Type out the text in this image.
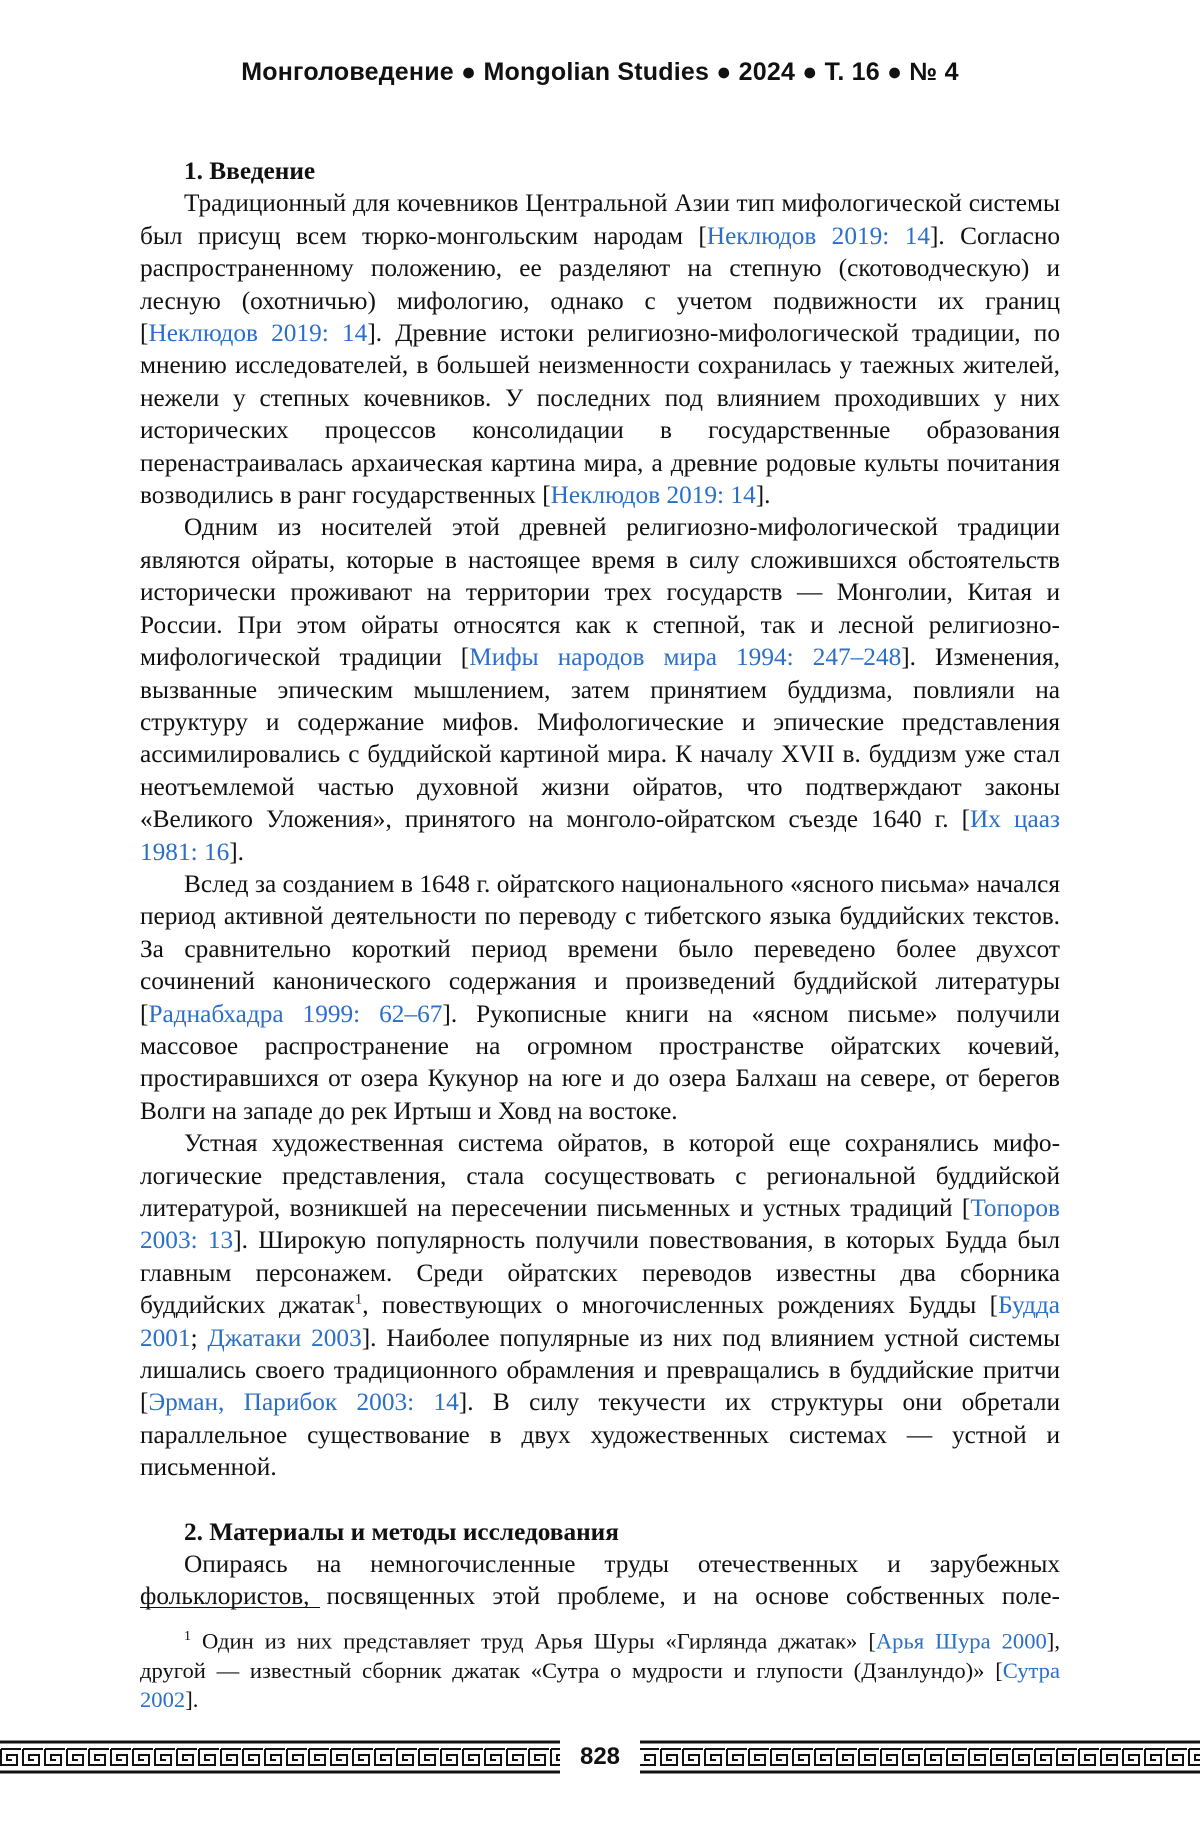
Монголоведение ● Mongolian Studies ● 2024 ● Т. 16 ● № 4
1. Введение

Традиционный для кочевников Центральной Азии тип мифологической системы был присущ всем тюрко-монгольским народам [Неклюдов 2019: 14]. Согласно распространенному положению, ее разделяют на степную (ското­водческую) и лесную (охотничью) мифологию, однако с учетом подвижности их границ [Неклюдов 2019: 14]. Древние истоки религиозно-мифологической традиции, по мнению исследователей, в большей неизменности сохранилась у таежных жителей, нежели у степных кочевников. У последних под влиянием проходивших у них исторических процессов консолидации в государственные образования перенастраивалась архаическая картина мира, а древние родовые культы почитания возводились в ранг государственных [Неклюдов 2019: 14].

Одним из носителей этой древней религиозно-мифологической традиции являются ойраты, которые в настоящее время в силу сложившихся обстоятельств исторически проживают на территории трех государств — Монголии, Китая и России. При этом ойраты относятся как к степной, так и лесной религиоз­но-мифологической традиции [Мифы народов мира 1994: 247–248]. Изменения, вызванные эпическим мышлением, затем принятием буддизма, повлияли на структуру и содержание мифов. Мифологические и эпические представления ассимилировались с буддийской картиной мира. К началу XVII в. буддизм уже стал неотъемлемой частью духовной жизни ойратов, что подтверждают законы «Великого Уложения», принятого на монголо-ойратском съезде 1640 г. [Их цааз 1981: 16].

Вслед за созданием в 1648 г. ойратского национального «ясного письма» начался период активной деятельности по переводу с тибетского языка буд­дийских текстов. За сравнительно короткий период времени было переведено более двухсот сочинений канонического содержания и произведений буддийской литературы [Раднабхадра 1999: 62–67]. Рукописные книги на «ясном письме» получили массовое распространение на огромном пространстве ойратских ко­чевий, простиравшихся от озера Кукунор на юге и до озера Балхаш на севере, от берегов Волги на западе до рек Иртыш и Ховд на востоке.

Устная художественная система ойратов, в которой еще сохранялись мифо­логические представления, стала сосуществовать с региональной буддийской литературой, возникшей на пересечении письменных и устных традиций [То­поров 2003: 13]. Широкую популярность получили повествования, в которых Будда был главным персонажем. Среди ойратских переводов известны два сборника буддийских джатак1, повествующих о многочисленных рождениях Будды [Будда 2001; Джатаки 2003]. Наиболее популярные из них под влиянием устной системы лишались своего традиционного обрамления и превращались в буддийские притчи [Эрман, Парибок 2003: 14]. В силу текучести их структуры они обретали параллельное существование в двух художественных системах — устной и письменной.

2. Материалы и методы исследования

Опираясь на немногочисленные труды отечественных и зарубежных фольклористов, посвященных этой проблеме, и на основе собственных поле-

1 Один из них представляет труд Арья Шуры «Гирлянда джатак» [Арья Шура 2000], другой — известный сборник джатак «Сутра о мудрости и глупости (Дзанлун­до)» [Сутра 2002].

828
